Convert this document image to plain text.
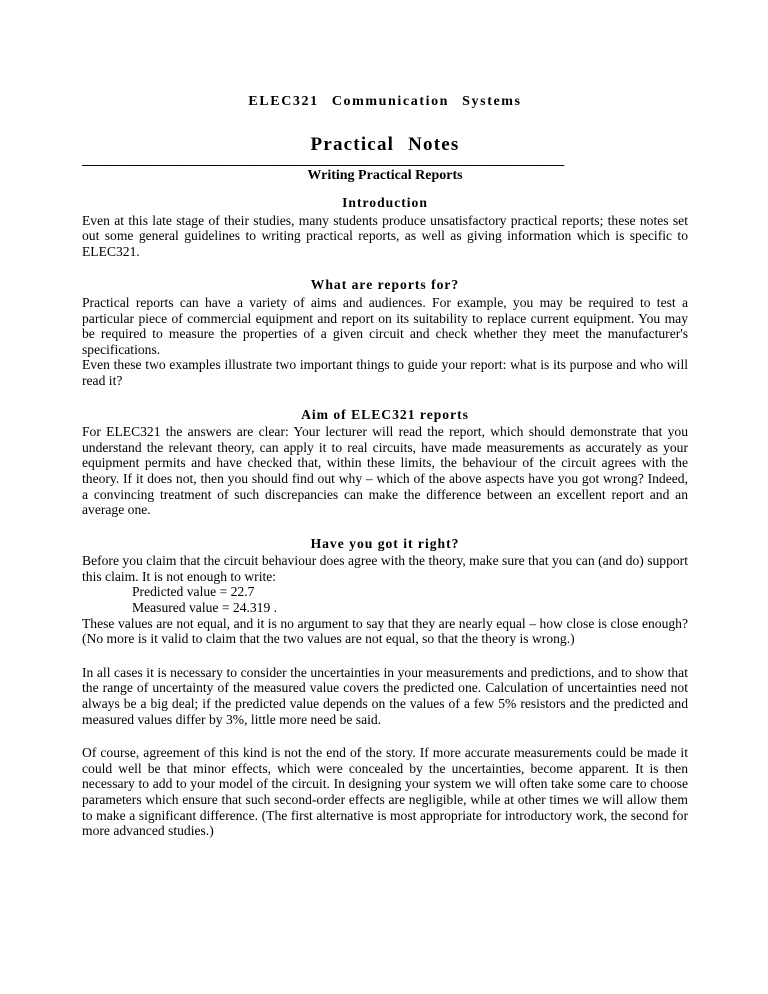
ELEC321 Communication Systems
Practical Notes
___________________________________________________________________
Writing Practical Reports
Introduction

Even at this late stage of their studies, many students produce unsatisfactory practical reports; these notes set out some general guidelines to writing practical reports, as well as giving information which is specific to ELEC321.

What are reports for?

Practical reports can have a variety of aims and audiences. For example, you may be required to test a particular piece of commercial equipment and report on its suitability to replace current equipment. You may be required to measure the properties of a given circuit and check whether they meet the manufacturer's specifications.

Even these two examples illustrate two important things to guide your report: what is its purpose and who will read it?

Aim of ELEC321 reports

For ELEC321 the answers are clear: Your lecturer will read the report, which should demonstrate that you understand the relevant theory, can apply it to real circuits, have made measurements as accurately as your equipment permits and have checked that, within these limits, the behaviour of the circuit agrees with the theory. If it does not, then you should find out why – which of the above aspects have you got wrong? Indeed, a convincing treatment of such discrepancies can make the difference between an excellent report and an average one.

Have you got it right?

Before you claim that the circuit behaviour does agree with the theory, make sure that you can (and do) support this claim. It is not enough to write:

Predicted value = 22.7

Measured value = 24.319 .

These values are not equal, and it is no argument to say that they are nearly equal – how close is close enough? (No more is it valid to claim that the two values are not equal, so that the theory is wrong.)

In all cases it is necessary to consider the uncertainties in your measurements and predictions, and to show that the range of uncertainty of the measured value covers the predicted one. Calculation of uncertainties need not always be a big deal; if the predicted value depends on the values of a few 5% resistors and the predicted and measured values differ by 3%, little more need be said.

Of course, agreement of this kind is not the end of the story. If more accurate measurements could be made it could well be that minor effects, which were concealed by the uncertainties, become apparent. It is then necessary to add to your model of the circuit. In designing your system we will often take some care to choose parameters which ensure that such second-order effects are negligible, while at other times we will allow them to make a significant difference. (The first alternative is most appropriate for introductory work, the second for more advanced studies.)
